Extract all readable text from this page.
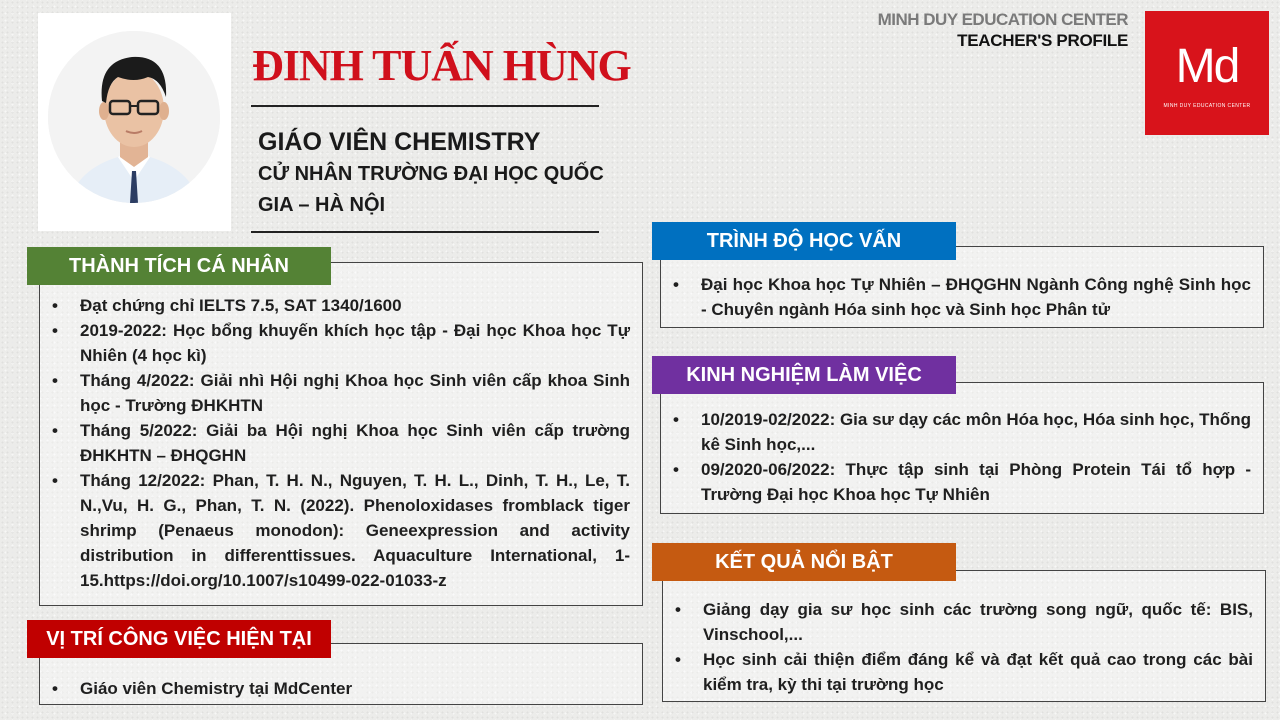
ĐINH TUẤN HÙNG
GIÁO VIÊN CHEMISTRY
CỬ NHÂN TRƯỜNG ĐẠI HỌC QUỐC GIA – HÀ NỘI
MINH DUY EDUCATION CENTER
TEACHER'S PROFILE Md
MINH DUY EDUCATION CENTER
• Đạt chứng chỉ IELTS 7.5, SAT 1340/1600
• 2019-2022: Học bổng khuyến khích học tập - Đại học Khoa học Tự Nhiên (4 học kì)
• Tháng 4/2022: Giải nhì Hội nghị Khoa học Sinh viên cấp khoa Sinh học - Trường ĐHKHTN
• Tháng 5/2022: Giải ba Hội nghị Khoa học Sinh viên cấp trường ĐHKHTN – ĐHQGHN
• Tháng 12/2022: Phan, T. H. N., Nguyen, T. H. L., Dinh, T. H., Le, T. N.,Vu, H. G., Phan, T. N. (2022). Phenoloxidases fromblack tiger shrimp (Penaeus monodon): Geneexpression and activity distribution in differenttissues. Aquaculture International, 1-15.https://doi.org/10.1007/s10499-022-01033-z
THÀNH TÍCH CÁ NHÂN
• Giáo viên Chemistry tại MdCenter
VỊ TRÍ CÔNG VIỆC HIỆN TẠI
• Đại học Khoa học Tự Nhiên – ĐHQGHN Ngành Công nghệ Sinh học - Chuyên ngành Hóa sinh học và Sinh học Phân tử
TRÌNH ĐỘ HỌC VẤN
• 10/2019-02/2022: Gia sư dạy các môn Hóa học, Hóa sinh học, Thống kê Sinh học,...
• 09/2020-06/2022: Thực tập sinh tại Phòng Protein Tái tổ hợp - Trường Đại học Khoa học Tự Nhiên
KINH NGHIỆM LÀM VIỆC
• Giảng dạy gia sư học sinh các trường song ngữ, quốc tế: BIS, Vinschool,...
• Học sinh cải thiện điểm đáng kể và đạt kết quả cao trong các bài kiểm tra, kỳ thi tại trường học
KẾT QUẢ NỔI BẬT
